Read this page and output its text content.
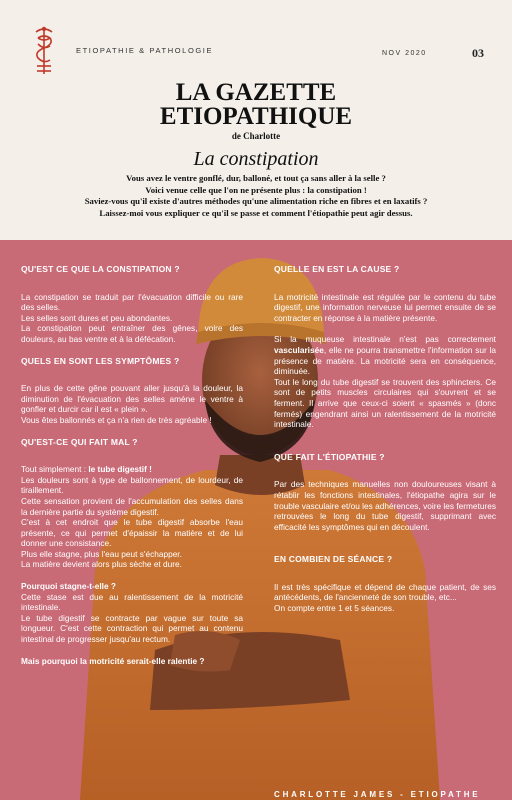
ETIOPATHIE & PATHOLOGIE	NOV 2020	03
LA GAZETTE
ETIOPATHIQUE
de Charlotte
La constipation
Vous avez le ventre gonflé, dur, balloné, et tout ça sans aller à la selle ?
Voici venue celle que l'on ne présente plus : la constipation !
Saviez-vous qu'il existe d'autres méthodes qu'une alimentation riche en fibres et en laxatifs ?
Laissez-moi vous expliquer ce qu'il se passe et comment l'étiopathie peut agir dessus.
QU'EST CE QUE LA CONSTIPATION ?

La constipation se traduit par l'évacuation difficile ou rare des selles.
Les selles sont dures et peu abondantes.
La constipation peut entraîner des gênes, voire des douleurs, au bas ventre et à la défécation.

QUELS EN SONT LES SYMPTÔMES ?

En plus de cette gêne pouvant aller jusqu'à la douleur, la diminution de l'évacuation des selles amène le ventre à gonfler et durcir car il est « plein ».
Vous êtes ballonnés et ça n'a rien de très agréable !

QU'EST-CE QUI FAIT MAL ?

Tout simplement : le tube digestif !
Les douleurs sont à type de ballonnement, de lourdeur, de tiraillement.
Cette sensation provient de l'accumulation des selles dans la dernière partie du système digestif.
C'est à cet endroit que le tube digestif absorbe l'eau présente, ce qui permet d'épaissir la matière et de lui donner une consistance.
Plus elle stagne, plus l'eau peut s'échapper.
La matière devient alors plus sèche et dure.

Pourquoi stagne-t-elle ?

Cette stase est due au ralentissement de la motricité intestinale.
Le tube digestif se contracte par vague sur toute sa longueur. C'est cette contraction qui permet au contenu intestinal de progresser jusqu'au rectum.

Mais pourquoi la motricité serait-elle ralentie ?
QUELLE EN EST LA CAUSE ?

La motricité intestinale est régulée par le contenu du tube digestif, une information nerveuse lui permet ensuite de se contracter en réponse à la matière présente.

Si la muqueuse intestinale n'est pas correctement vascularisée, elle ne pourra transmettre l'information sur la présence de matière. La motricité sera en conséquence, diminuée.
Tout le long du tube digestif se trouvent des sphincters. Ce sont de petits muscles circulaires qui s'ouvrent et se ferment. Il arrive que ceux-ci soient « spasmés » (donc fermés) engendrant ainsi un ralentissement de la motricité intestinale.

QUE FAIT L'ÉTIOPATHIE ?

Par des techniques manuelles non douloureuses visant à rétablir les fonctions intestinales, l'étiopathe agira sur le trouble vasculaire et/ou les adhérences, voire les fermetures retrouvées le long du tube digestif, supprimant avec efficacité les symptômes qui en découlent.

EN COMBIEN DE SÉANCE ?

Il est très spécifique et dépend de chaque patient, de ses antécédents, de l'ancienneté de son trouble, etc...
On compte entre 1 et 5 séances.

CHARLOTTE JAMES - ETIOPATHE
